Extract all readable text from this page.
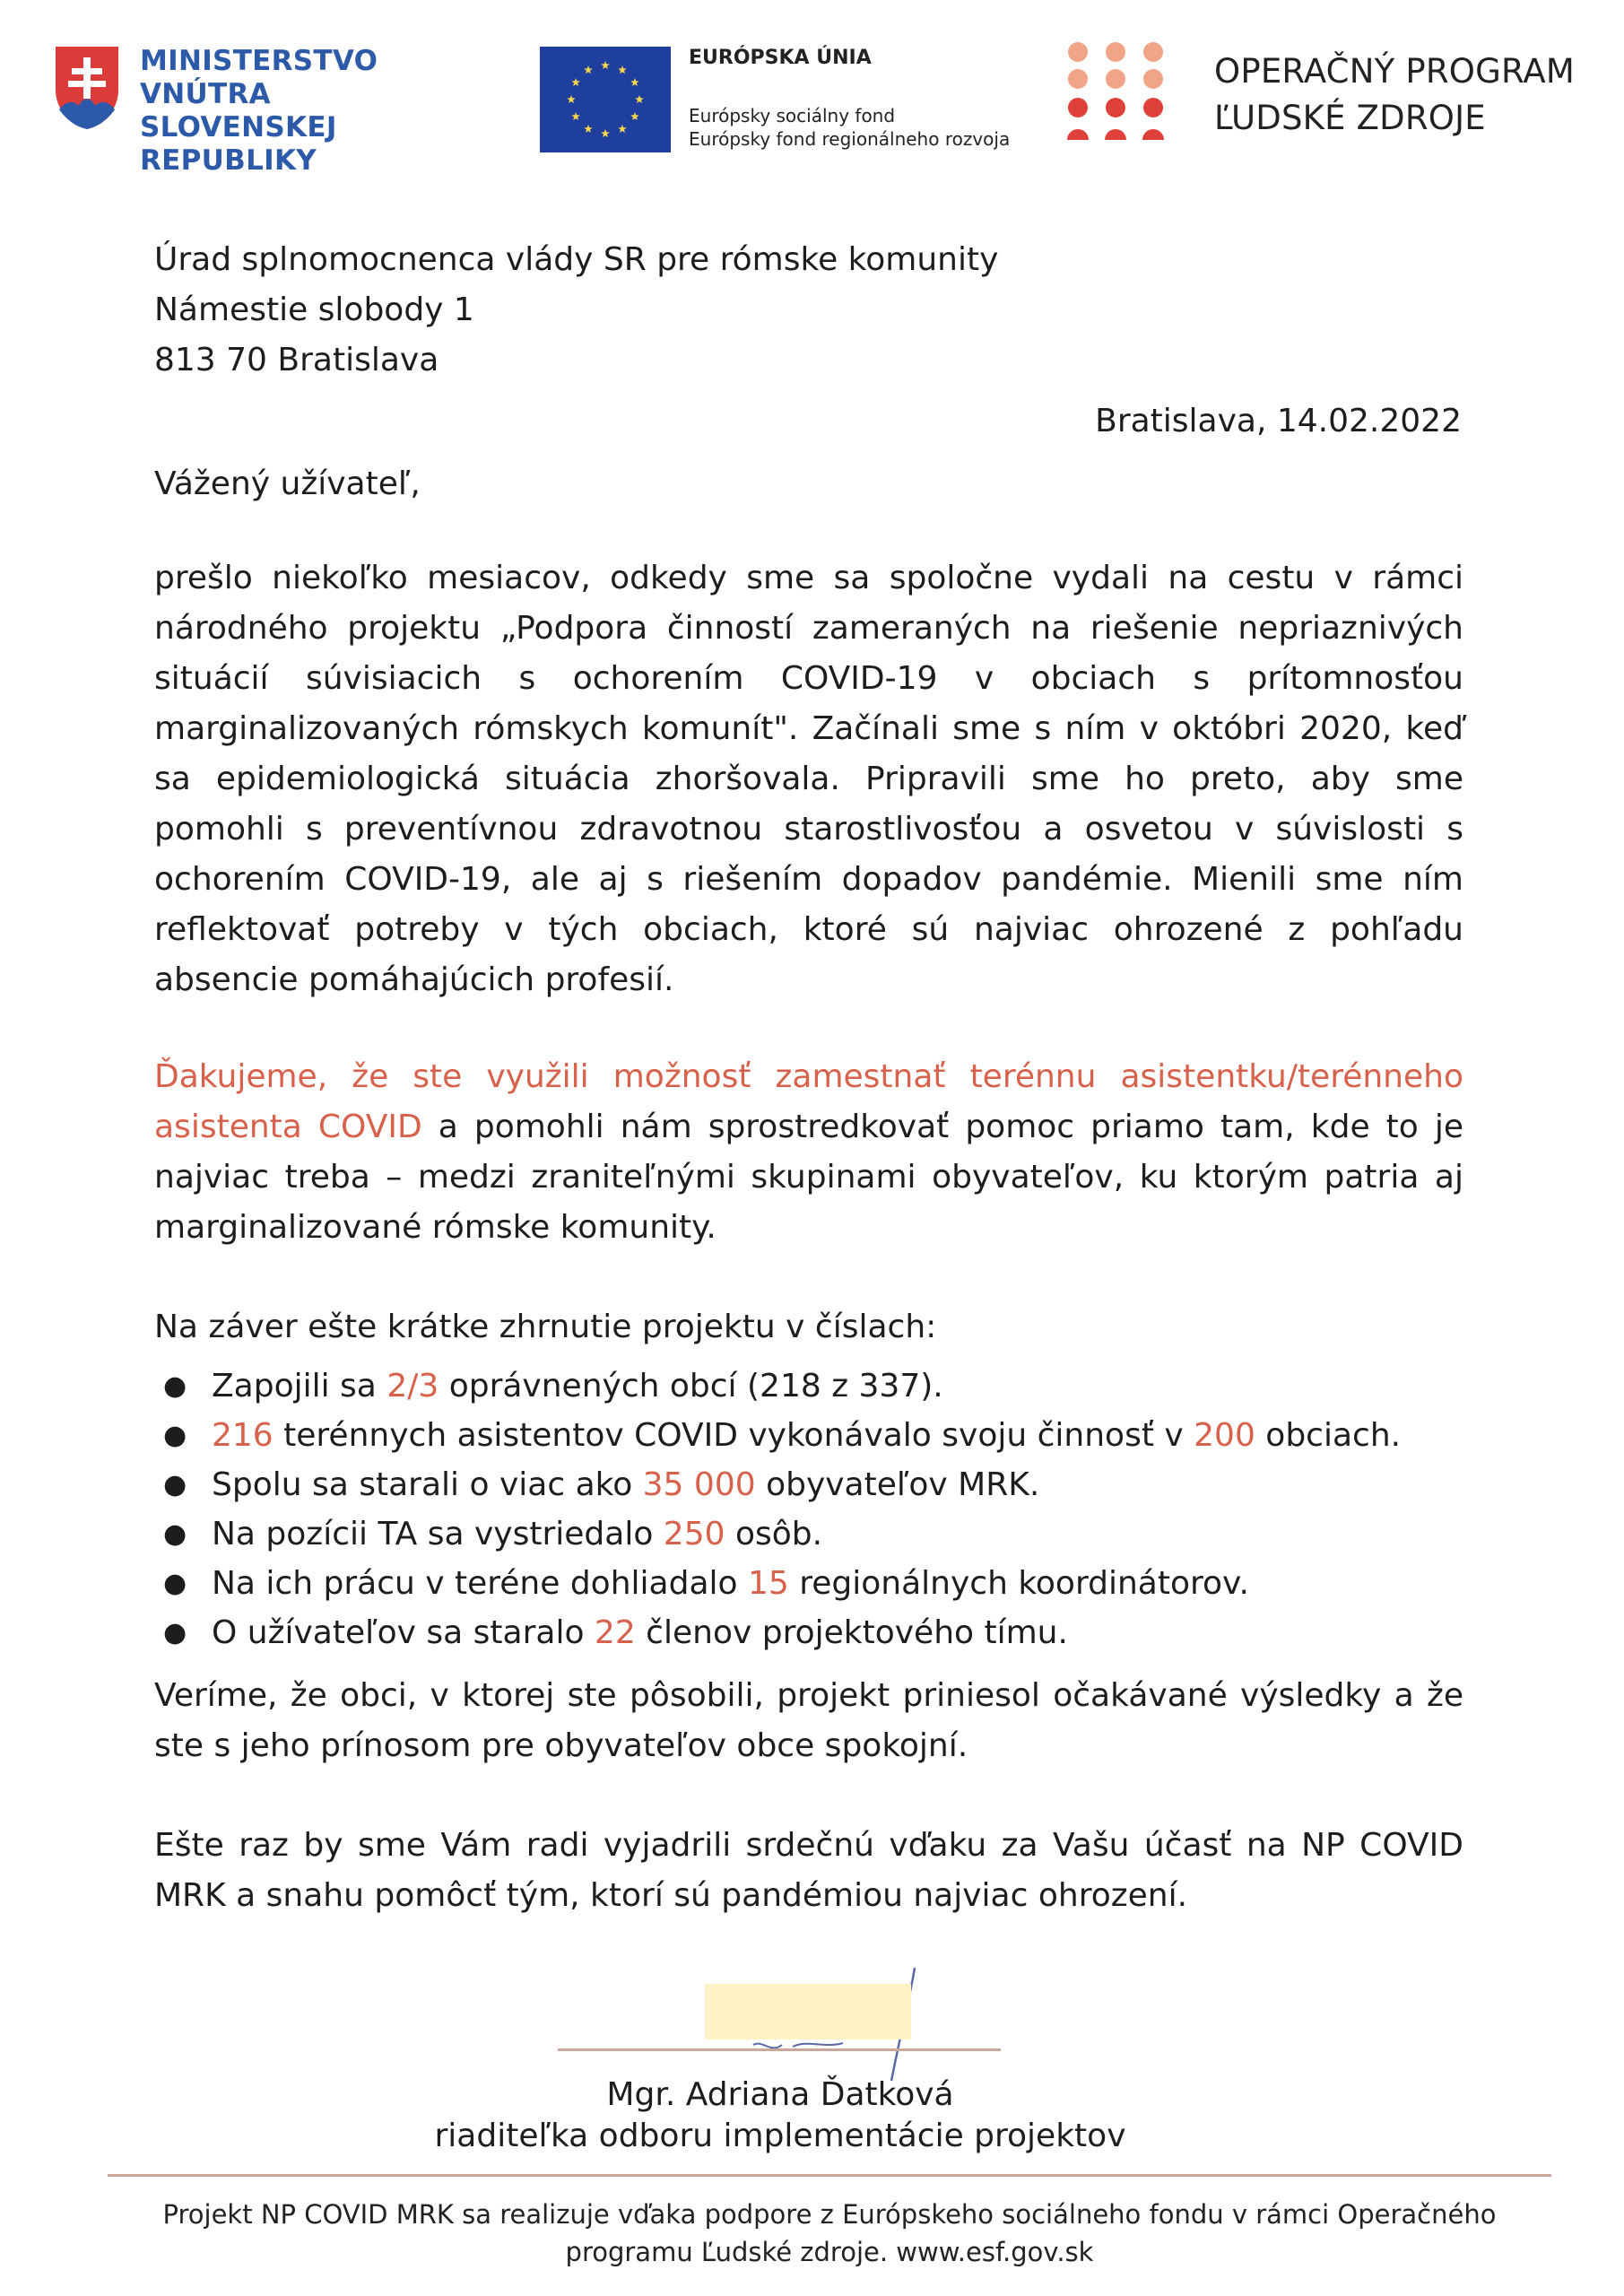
MINISTERSTVO
VNÚTRA
SLOVENSKEJ REPUBLIKY
EURÓPSKA ÚNIA
Európsky sociálny fond
Európsky fond regionálneho rozvoja
OPERAČNÝ PROGRAM
ĽUDSKÉ ZDROJE
Úrad splnomocnenca vlády SR pre rómske komunity
Námestie slobody 1
813 70 Bratislava
Bratislava, 14.02.2022
Vážený užívateľ,
prešlo niekoľko mesiacov, odkedy sme sa spoločne vydali na cestu v rámci národného projektu „Podpora činností zameraných na riešenie nepriaznivých situácií súvisiacich s ochorením COVID-19 v obciach s prítomnosťou marginalizovaných rómskych komunít". Začínali sme s ním v októbri 2020, keď sa epidemiologická situácia zhoršovala. Pripravili sme ho preto, aby sme pomohli s preventívnou zdravotnou starostlivosťou a osvetou v súvislosti s ochorením COVID-19, ale aj s riešením dopadov pandémie. Mienili sme ním reflektovať potreby v tých obciach, ktoré sú najviac ohrozené z pohľadu absencie pomáhajúcich profesií.
Ďakujeme, že ste využili možnosť zamestnať terénnu asistentku/terénneho asistenta COVID a pomohli nám sprostredkovať pomoc priamo tam, kde to je najviac treba – medzi zraniteľnými skupinami obyvateľov, ku ktorým patria aj marginalizované rómske komunity.
Na záver ešte krátke zhrnutie projektu v číslach:
● Zapojili sa 2/3 oprávnených obcí (218 z 337).
● 216 terénnych asistentov COVID vykonávalo svoju činnosť v 200 obciach.
● Spolu sa starali o viac ako 35 000 obyvateľov MRK.
● Na pozícii TA sa vystriedalo 250 osôb.
● Na ich prácu v teréne dohliadalo 15 regionálnych koordinátorov.
● O užívateľov sa staralo 22 členov projektového tímu.
Veríme, že obci, v ktorej ste pôsobili, projekt priniesol očakávané výsledky a že ste s jeho prínosom pre obyvateľov obce spokojní.
Ešte raz by sme Vám radi vyjadrili srdečnú vďaku za Vašu účasť na NP COVID MRK a snahu pomôcť tým, ktorí sú pandémiou najviac ohrození.
Mgr. Adriana Ďatková
riaditeľka odboru implementácie projektov
Projekt NP COVID MRK sa realizuje vďaka podpore z Európskeho sociálneho fondu v rámci Operačného
programu Ľudské zdroje. www.esf.gov.sk
